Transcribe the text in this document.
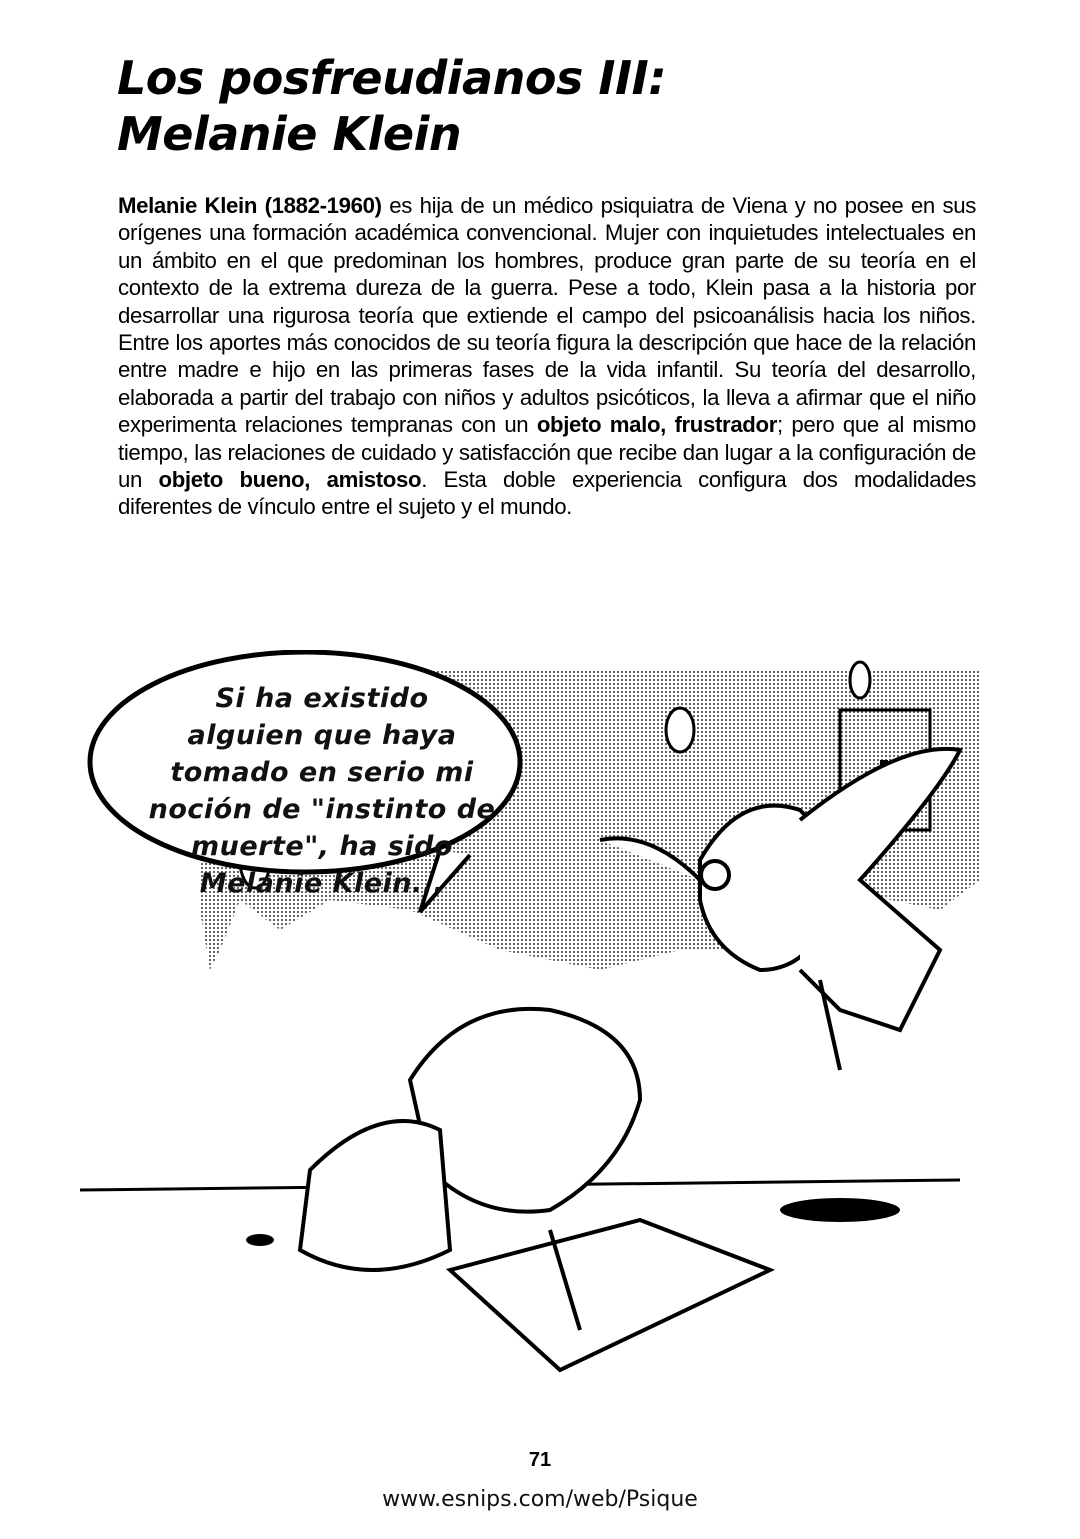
Los posfreudianos III:
Melanie Klein

Melanie Klein (1882-1960) es hija de un médico psiquiatra de Viena y no posee en sus orígenes una formación académica convencional. Mujer con inquietudes intelectuales en un ámbito en el que predominan los hombres, produce gran parte de su teoría en el contexto de la extrema dureza de la guerra. Pese a todo, Klein pasa a la historia por desarrollar una rigurosa teoría que extiende el campo del psicoanálisis hacia los niños. Entre los aportes más conocidos de su teoría figura la descripción que hace de la relación entre madre e hijo en las primeras fases de la vida infantil. Su teoría del desarrollo, elaborada a partir del trabajo con niños y adultos psicóticos, la lleva a afirmar que el niño experimenta relaciones tempranas con un objeto malo, frustrador; pero que al mismo tiempo, las relaciones de cuidado y satisfacción que recibe dan lugar a la configuración de un objeto bueno, amistoso. Esta doble experiencia configura dos modalidades diferentes de vínculo entre el sujeto y el mundo.

Si ha existido
alguien que haya
tomado en serio mi
noción de "instinto de
muerte", ha sido
Melanie Klein...
71
www.esnips.com/web/Psique
